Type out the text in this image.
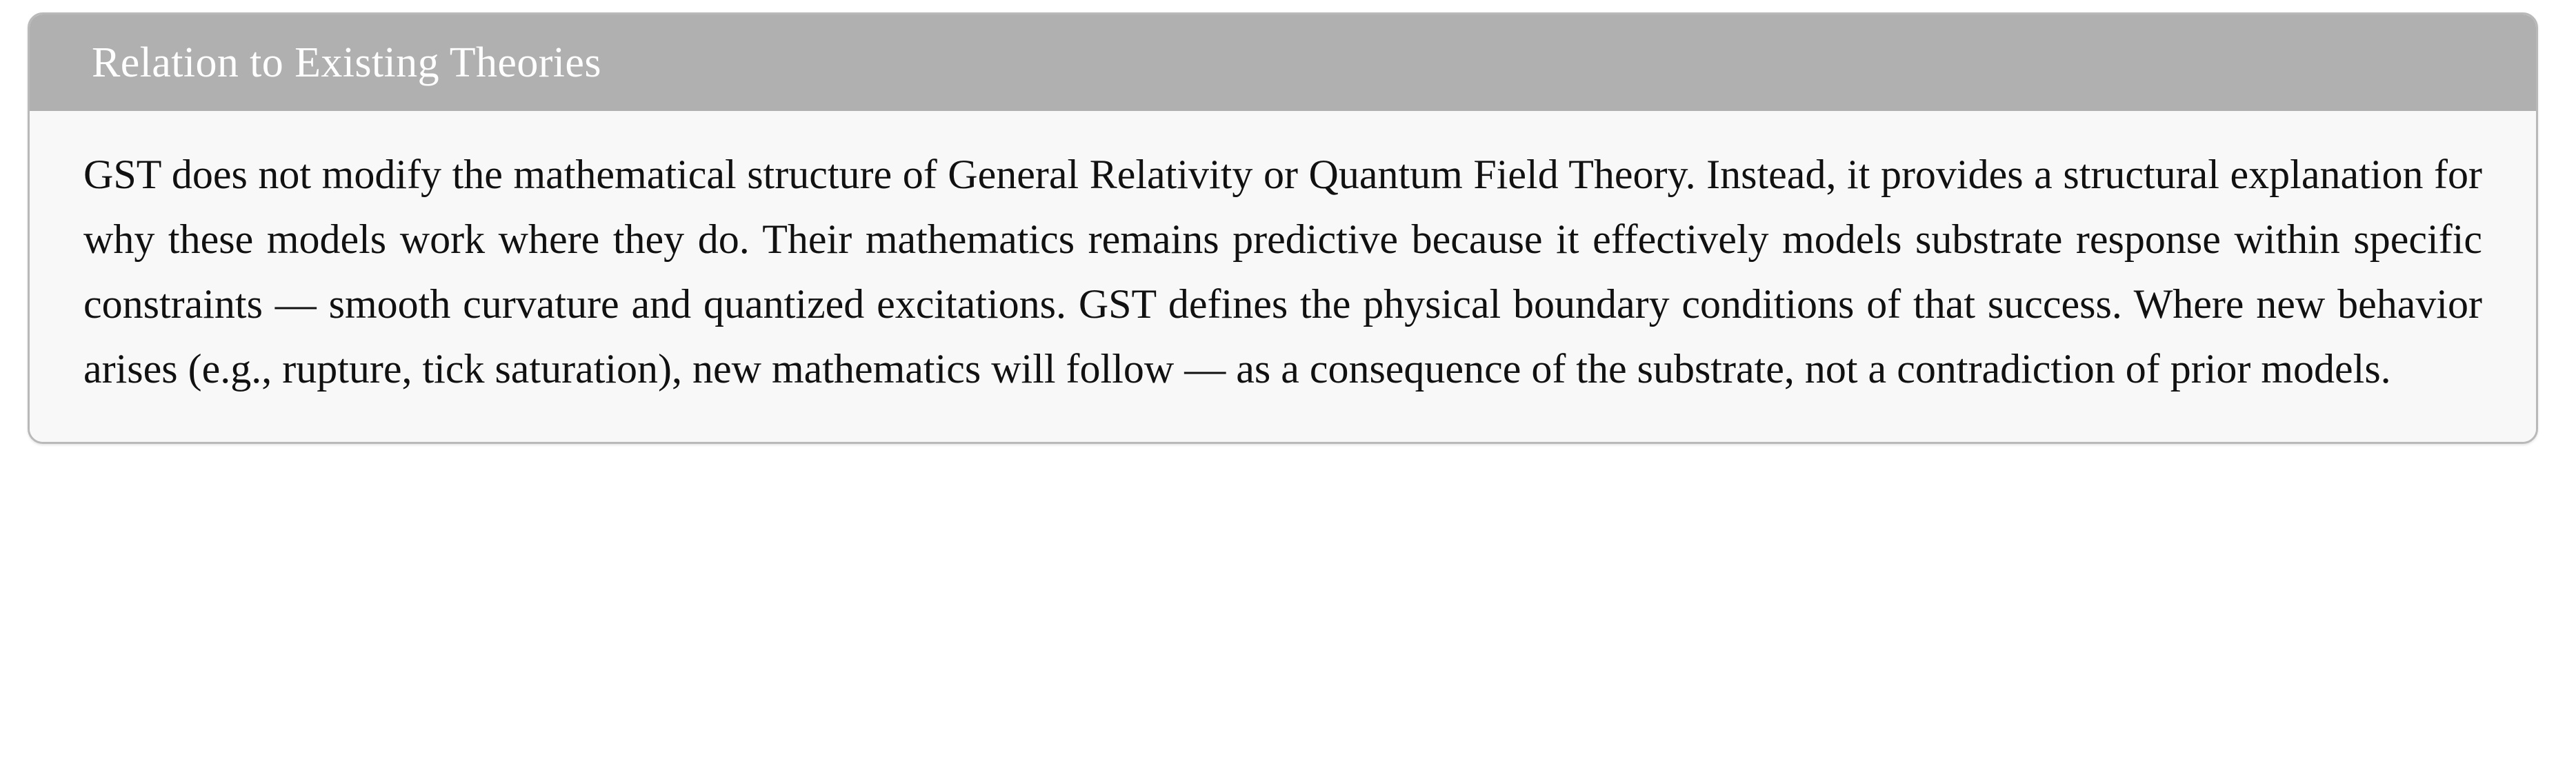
Relation to Existing Theories

GST does not modify the mathematical structure of General Relativity or Quantum Field Theory. Instead, it provides a structural explanation for why these models work where they do. Their mathematics remains predictive because it effectively models substrate response within specific constraints — smooth curvature and quantized excitations. GST defines the physical boundary conditions of that success. Where new behavior arises (e.g., rupture, tick saturation), new mathematics will follow — as a consequence of the substrate, not a contradiction of prior models.
